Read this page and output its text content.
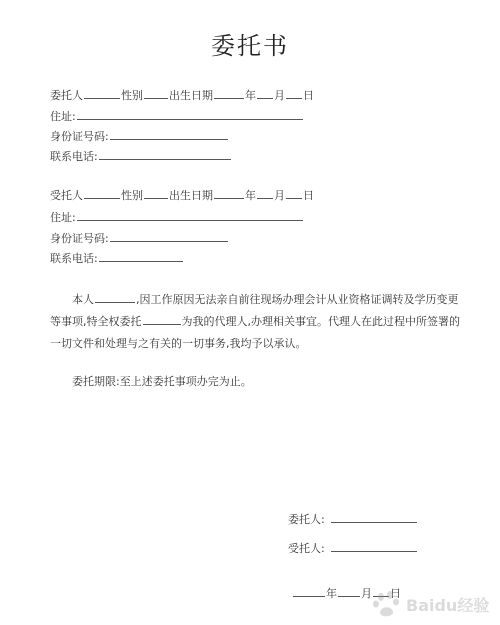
委托书
委托人	性别 出生日期	年 月 日
住址:
身份证号码:
联系电话:
受托人	性别 出生日期	年 月 日
住址:
身份证号码:
联系电话:
本人	,因工作原因无法亲自前往现场办理会计从业资格证调转及学历变更等事项,特全权委托	为我的代理人,办理相关事宜。代理人在此过程中所签署的一切文件和处理与之有关的一切事务,我均予以承认。
委托期限:至上述委托事项办完为止。
委托人:
受托人:
年 月 日
Baidu经验
